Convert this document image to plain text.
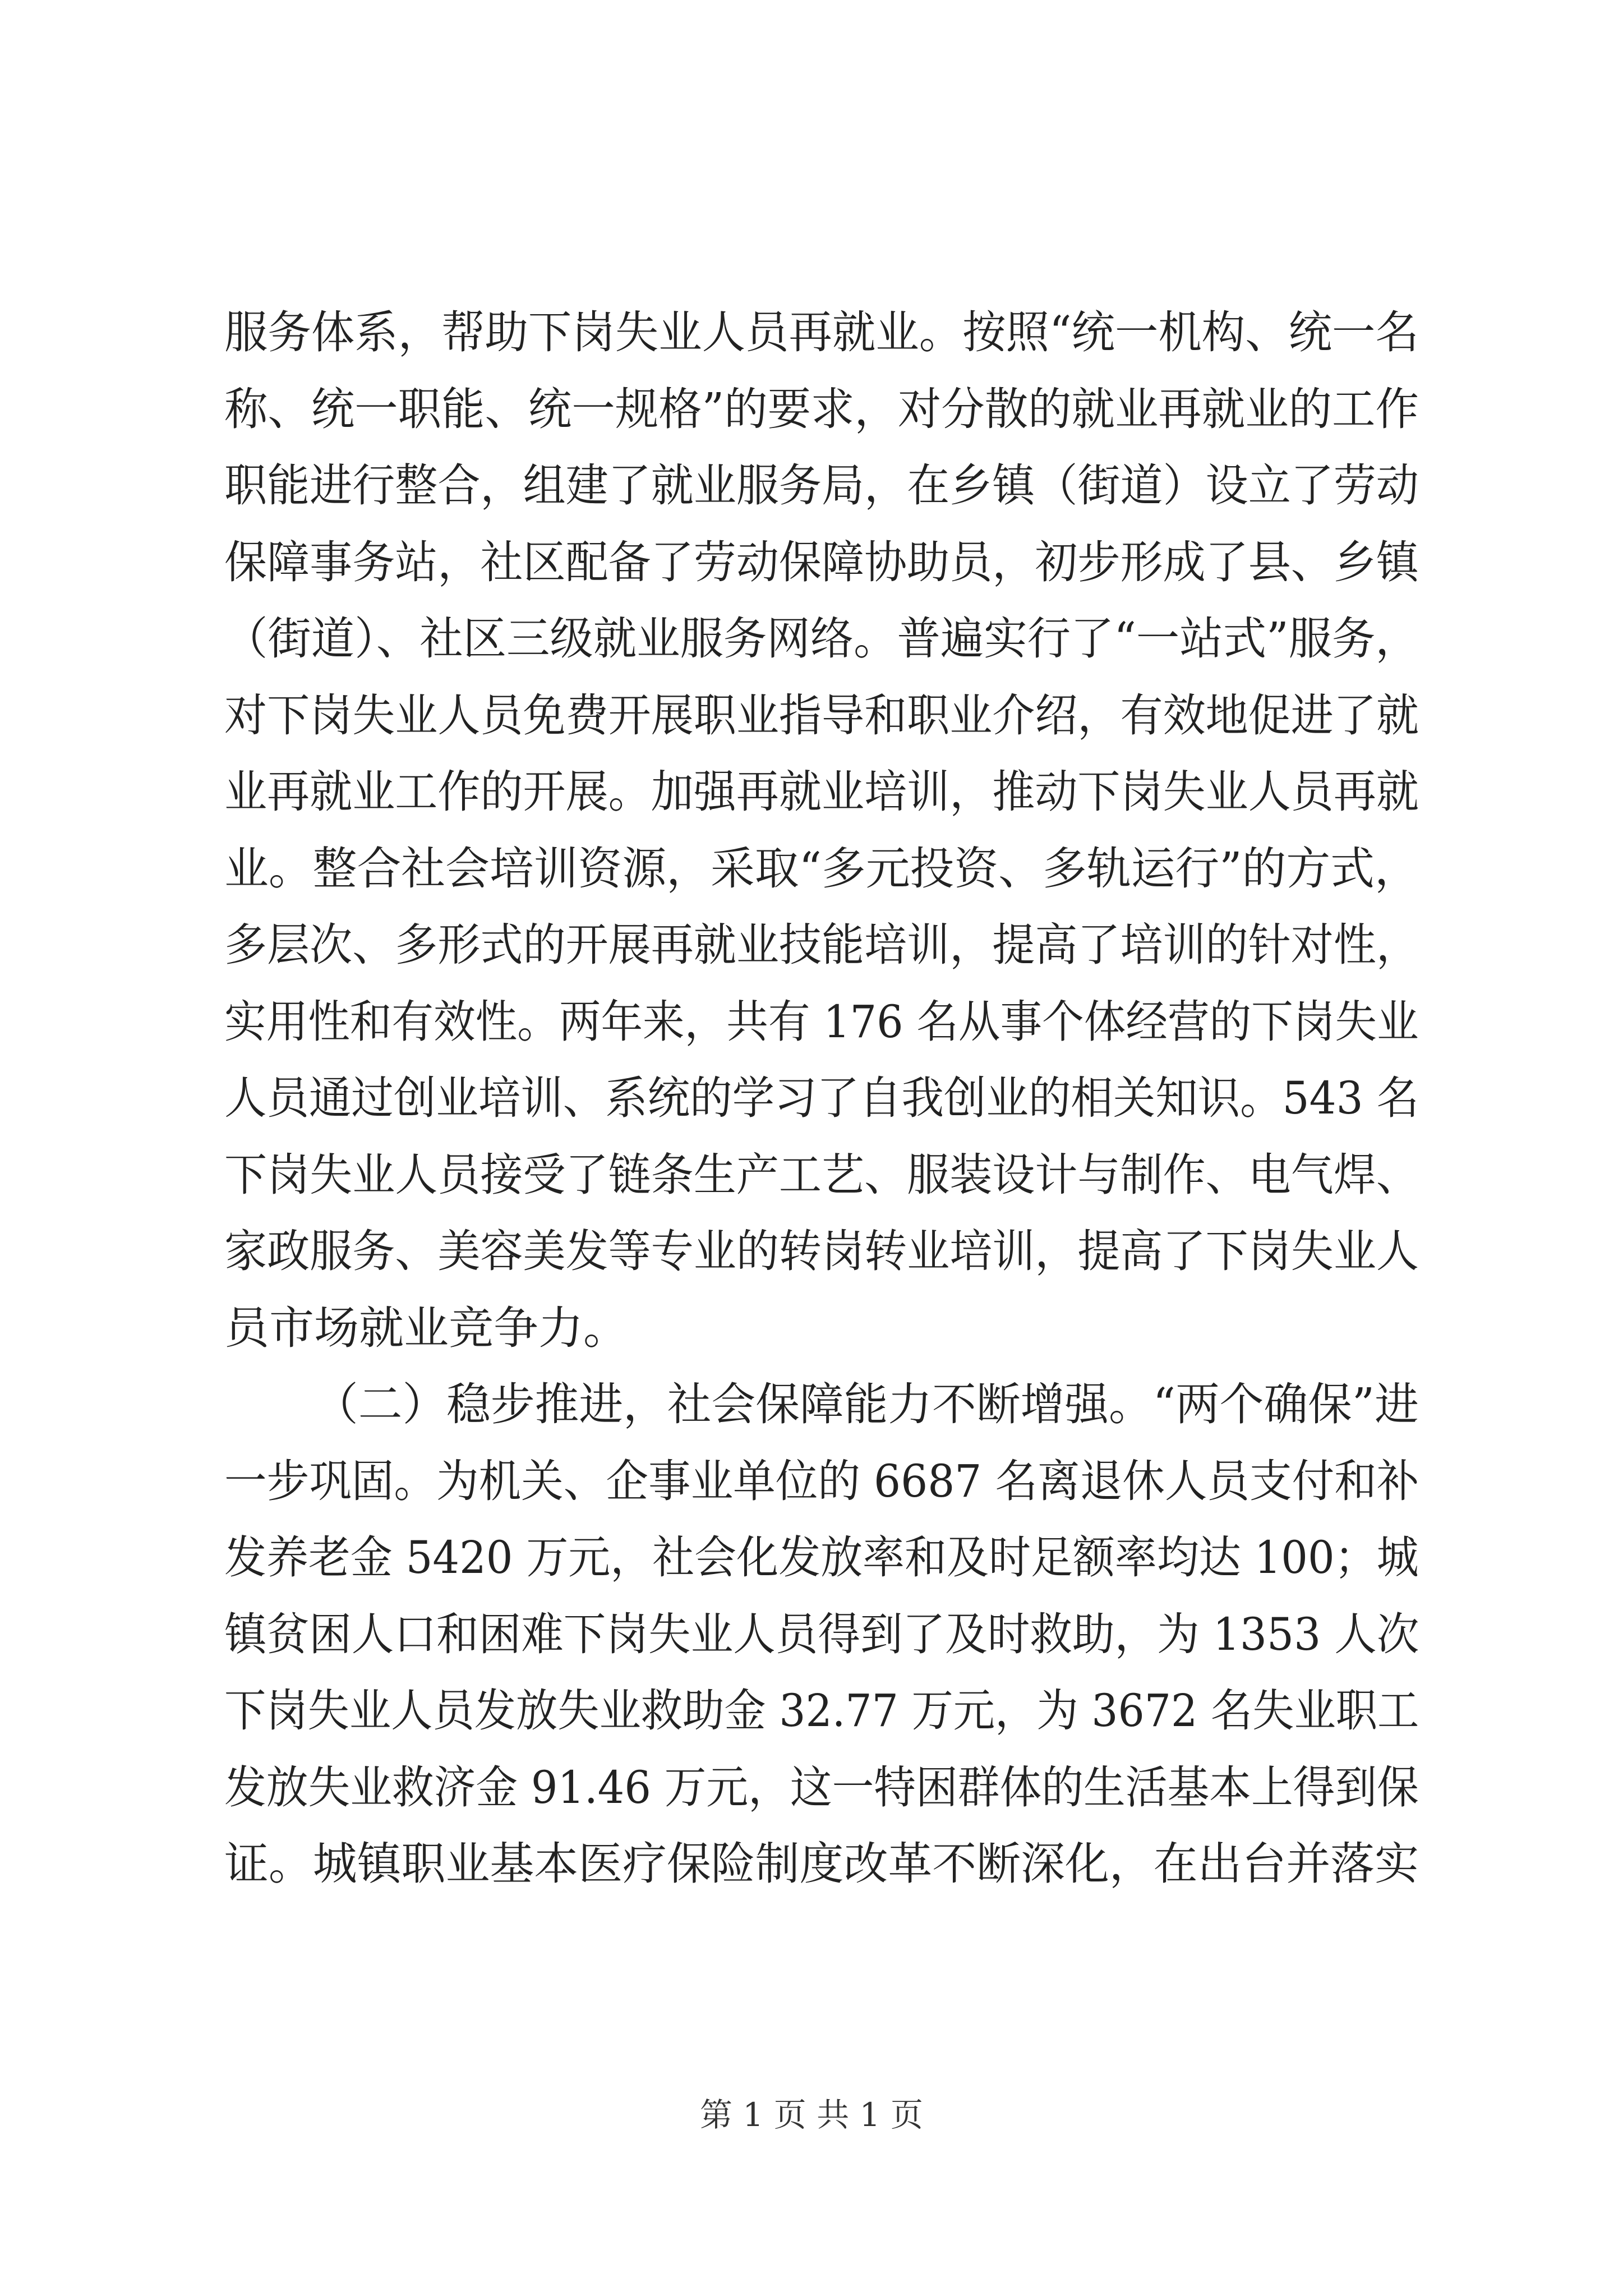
服务体系，帮助下岗失业人员再就业。按照“统一机构、统一名
称、统一职能、统一规格”的要求，对分散的就业再就业的工作
职能进行整合，组建了就业服务局，在乡镇（街道）设立了劳动
保障事务站，社区配备了劳动保障协助员，初步形成了县、乡镇
（街道）、社区三级就业服务网络。普遍实行了“一站式”服务，
对下岗失业人员免费开展职业指导和职业介绍，有效地促进了就
业再就业工作的开展。加强再就业培训，推动下岗失业人员再就
业。整合社会培训资源，采取“多元投资、多轨运行”的方式，
多层次、多形式的开展再就业技能培训，提高了培训的针对性，
实用性和有效性。两年来，共有 176 名从事个体经营的下岗失业
人员通过创业培训、系统的学习了自我创业的相关知识。543 名
下岗失业人员接受了链条生产工艺、服装设计与制作、电气焊、
家政服务、美容美发等专业的转岗转业培训，提高了下岗失业人
员市场就业竞争力。
（二）稳步推进，社会保障能力不断增强。“两个确保”进
一步巩固。为机关、企事业单位的 6687 名离退休人员支付和补
发养老金 5420 万元，社会化发放率和及时足额率均达 100；城
镇贫困人口和困难下岗失业人员得到了及时救助，为 1353 人次
下岗失业人员发放失业救助金 32.77 万元，为 3672 名失业职工
发放失业救济金 91.46 万元，这一特困群体的生活基本上得到保
证。城镇职业基本医疗保险制度改革不断深化，在出台并落实
第 1 页 共 1 页
